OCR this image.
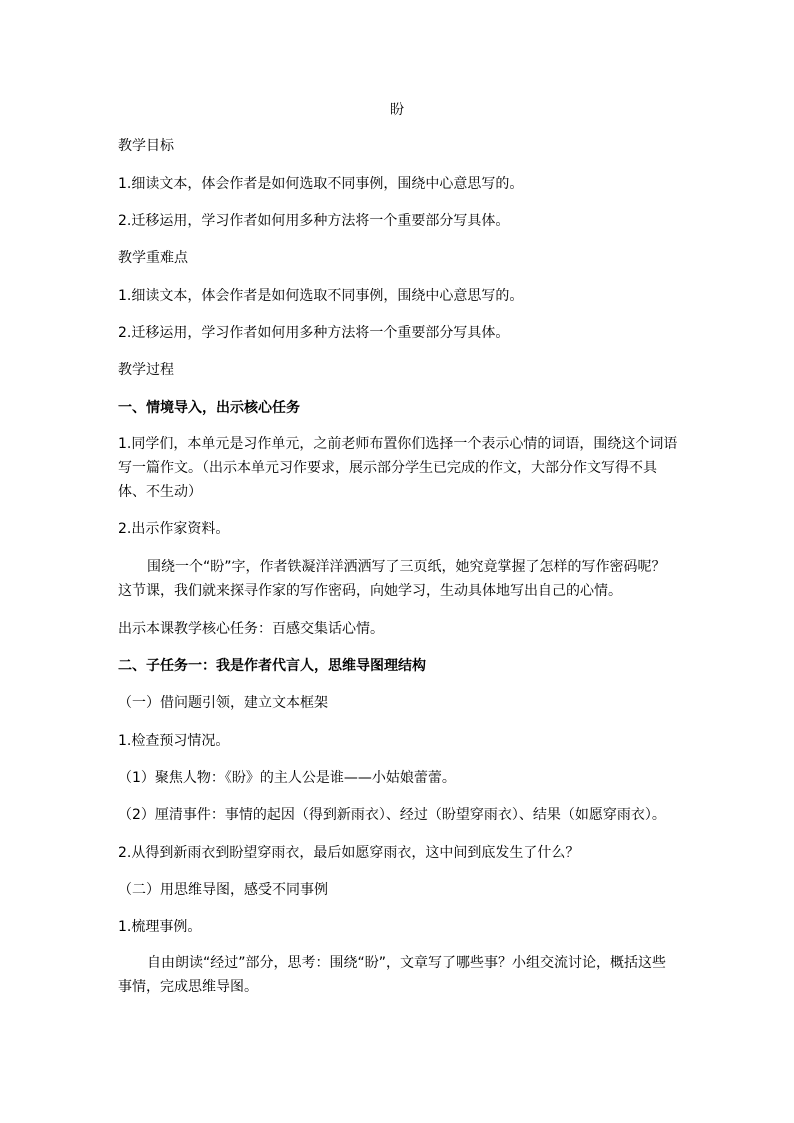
盼
教学目标
1.细读文本，体会作者是如何选取不同事例，围绕中心意思写的。
2.迁移运用，学习作者如何用多种方法将一个重要部分写具体。
教学重难点
1.细读文本，体会作者是如何选取不同事例，围绕中心意思写的。
2.迁移运用，学习作者如何用多种方法将一个重要部分写具体。
教学过程
一、情境导入，出示核心任务
1.同学们，本单元是习作单元，之前老师布置你们选择一个表示心情的词语，围绕这个词语写一篇作文。（出示本单元习作要求，展示部分学生已完成的作文，大部分作文写得不具体、不生动）
2.出示作家资料。
围绕一个“盼”字，作者铁凝洋洋洒洒写了三页纸，她究竟掌握了怎样的写作密码呢？这节课，我们就来探寻作家的写作密码，向她学习，生动具体地写出自己的心情。
出示本课教学核心任务：百感交集话心情。
二、子任务一：我是作者代言人，思维导图理结构
（一）借问题引领，建立文本框架
1.检查预习情况。
（1）聚焦人物：《盼》的主人公是谁——小姑娘蕾蕾。
（2）厘清事件：事情的起因（得到新雨衣）、经过（盼望穿雨衣）、结果（如愿穿雨衣）。
2.从得到新雨衣到盼望穿雨衣，最后如愿穿雨衣，这中间到底发生了什么？
（二）用思维导图，感受不同事例
1.梳理事例。
自由朗读“经过”部分，思考：围绕“盼”，文章写了哪些事？小组交流讨论，概括这些事情，完成思维导图。
